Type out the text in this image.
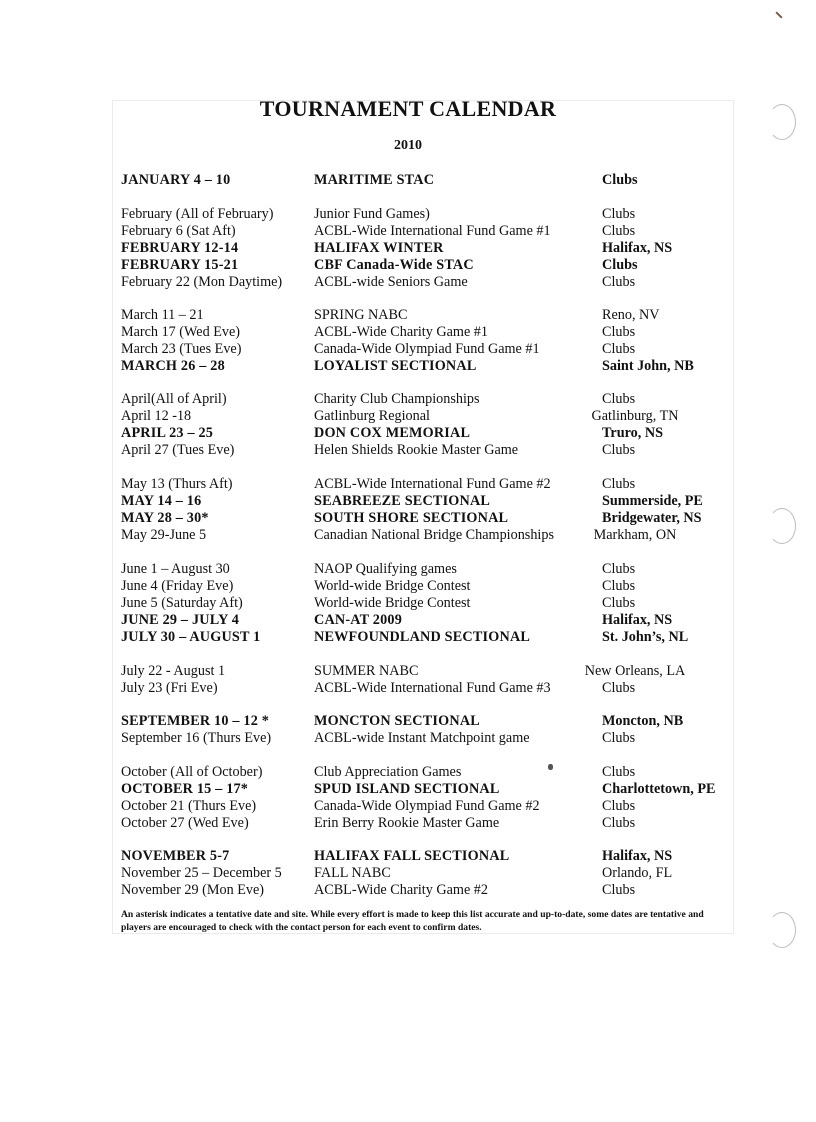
TOURNAMENT CALENDAR
2010
JANUARY 4 – 10	MARITIME STAC	Clubs
February (All of February)	Junior Fund Games)	Clubs
February 6 (Sat Aft)	ACBL-Wide International Fund Game #1	Clubs
FEBRUARY 12-14	HALIFAX WINTER	Halifax, NS
FEBRUARY 15-21	CBF Canada-Wide STAC	Clubs
February 22 (Mon Daytime) ACBL-wide Seniors Game	Clubs
March 11 – 21	SPRING NABC	Reno, NV
March 17 (Wed Eve)	ACBL-Wide Charity Game #1	Clubs
March 23 (Tues Eve)	Canada-Wide Olympiad Fund Game #1	Clubs
MARCH 26 – 28	LOYALIST SECTIONAL	Saint John, NB
April(All of April)	Charity Club Championships	Clubs
April 12 -18	Gatlinburg Regional	Gatlinburg, TN
APRIL 23 – 25	DON COX MEMORIAL	Truro, NS
April 27 (Tues Eve)	Helen Shields Rookie Master Game	Clubs
May 13 (Thurs Aft)	ACBL-Wide International Fund Game #2	Clubs
MAY 14 – 16	SEABREEZE SECTIONAL	Summerside, PE
MAY 28 – 30*	SOUTH SHORE SECTIONAL	Bridgewater, NS
May 29-June 5	Canadian National Bridge Championships	Markham, ON
June 1 – August 30	NAOP Qualifying games	Clubs
June 4 (Friday Eve)	World-wide Bridge Contest	Clubs
June 5 (Saturday Aft)	World-wide Bridge Contest	Clubs
JUNE 29 – JULY 4	CAN-AT 2009	Halifax, NS
JULY 30 – AUGUST 1	NEWFOUNDLAND SECTIONAL	St. John’s, NL
July 22 - August 1	SUMMER NABC	New Orleans, LA
July 23 (Fri Eve)	ACBL-Wide International Fund Game #3	Clubs
SEPTEMBER 10 – 12 *	MONCTON SECTIONAL	Moncton, NB
September 16 (Thurs Eve)	ACBL-wide Instant Matchpoint game	Clubs
October (All of October)	Club Appreciation Games	Clubs
OCTOBER 15 – 17*	SPUD ISLAND SECTIONAL	Charlottetown, PE
October 21 (Thurs Eve)	Canada-Wide Olympiad Fund Game #2	Clubs
October 27 (Wed Eve)	Erin Berry Rookie Master Game	Clubs
NOVEMBER 5-7	HALIFAX FALL SECTIONAL	Halifax, NS
November 25 – December 5 FALL NABC	Orlando, FL
November 29 (Mon Eve)	ACBL-Wide Charity Game #2	Clubs
An asterisk indicates a tentative date and site. While every effort is made to keep this list accurate and up-to-date, some dates are tentative and players are encouraged to check with the contact person for each event to confirm dates.
